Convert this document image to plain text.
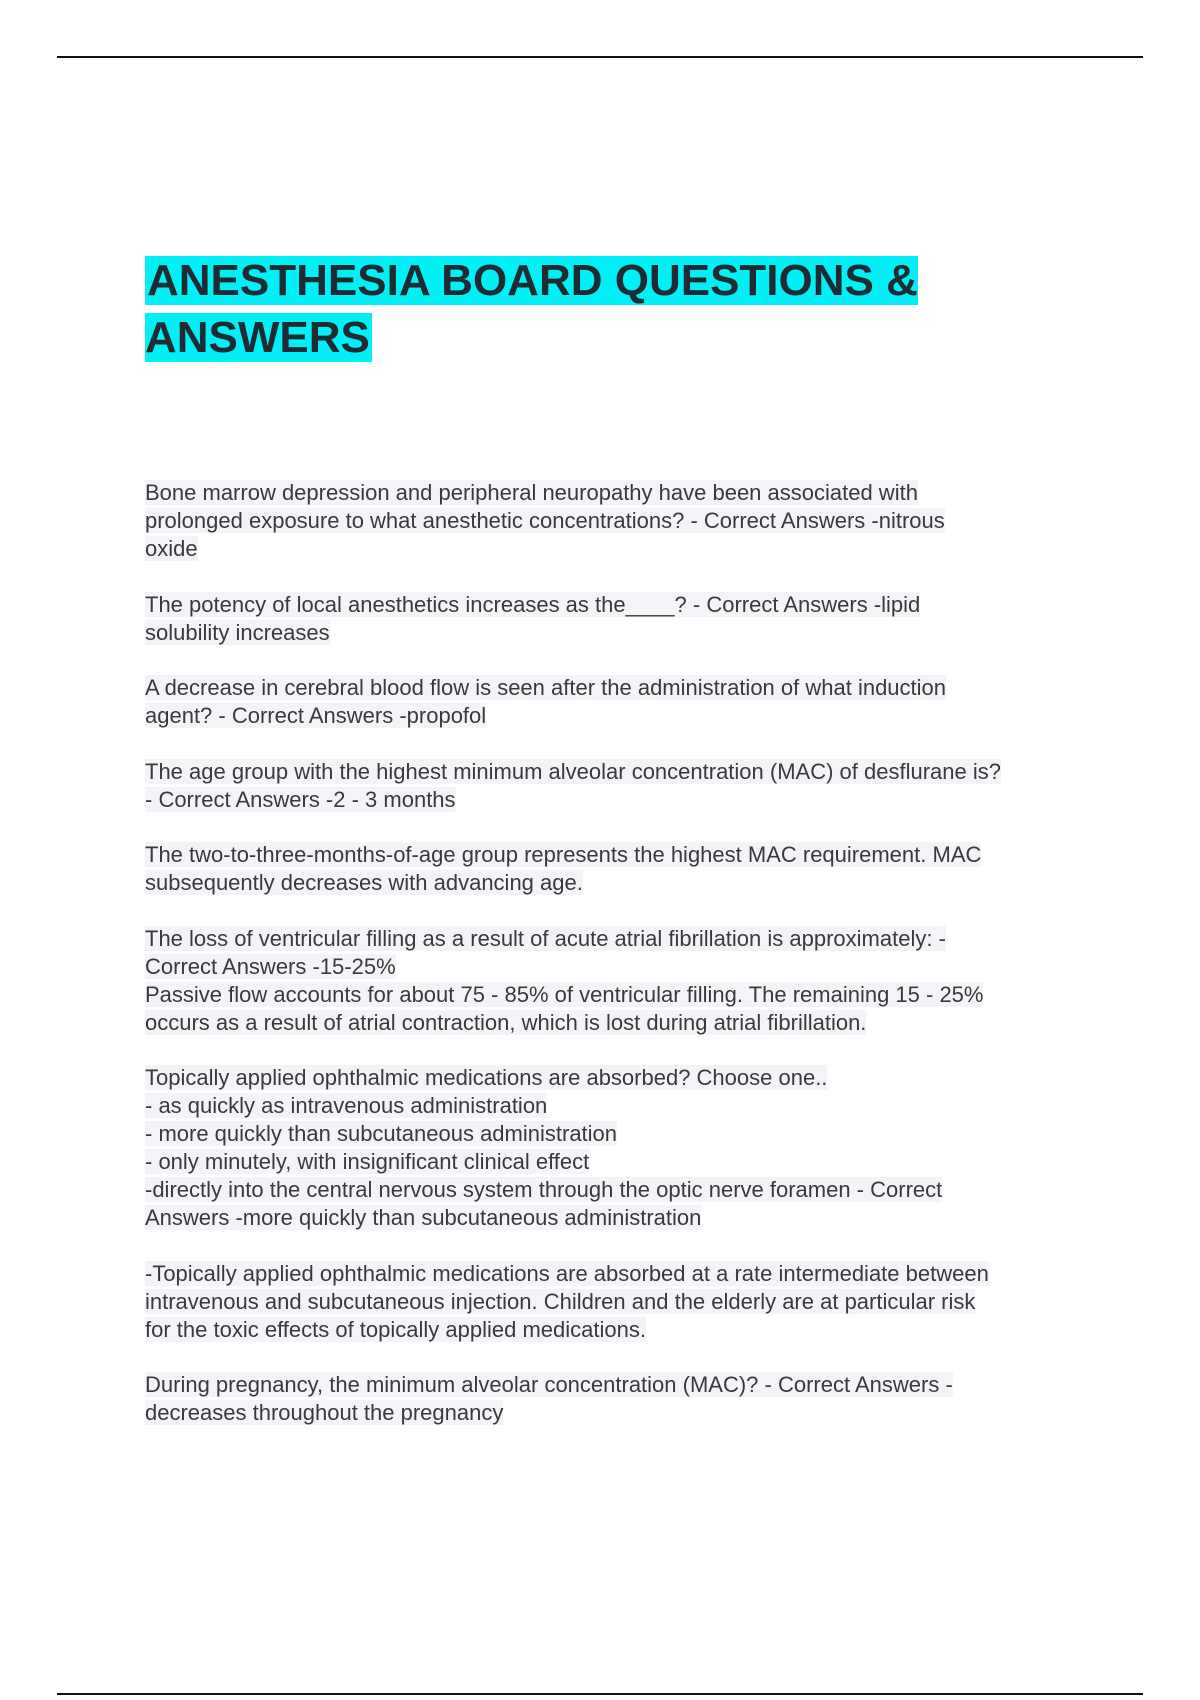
ANESTHESIA BOARD QUESTIONS & ANSWERS

Bone marrow depression and peripheral neuropathy have been associated with
prolonged exposure to what anesthetic concentrations? - Correct Answers -nitrous
oxide

The potency of local anesthetics increases as the____? - Correct Answers -lipid
solubility increases

A decrease in cerebral blood flow is seen after the administration of what induction
agent? - Correct Answers -propofol

The age group with the highest minimum alveolar concentration (MAC) of desflurane is?
- Correct Answers -2 - 3 months

The two-to-three-months-of-age group represents the highest MAC requirement. MAC
subsequently decreases with advancing age.

The loss of ventricular filling as a result of acute atrial fibrillation is approximately: -
Correct Answers -15-25%
Passive flow accounts for about 75 - 85% of ventricular filling. The remaining 15 - 25%
occurs as a result of atrial contraction, which is lost during atrial fibrillation.

Topically applied ophthalmic medications are absorbed? Choose one..
- as quickly as intravenous administration
- more quickly than subcutaneous administration
- only minutely, with insignificant clinical effect
-directly into the central nervous system through the optic nerve foramen - Correct
Answers -more quickly than subcutaneous administration

-Topically applied ophthalmic medications are absorbed at a rate intermediate between
intravenous and subcutaneous injection. Children and the elderly are at particular risk
for the toxic effects of topically applied medications.

During pregnancy, the minimum alveolar concentration (MAC)? - Correct Answers -
decreases throughout the pregnancy
